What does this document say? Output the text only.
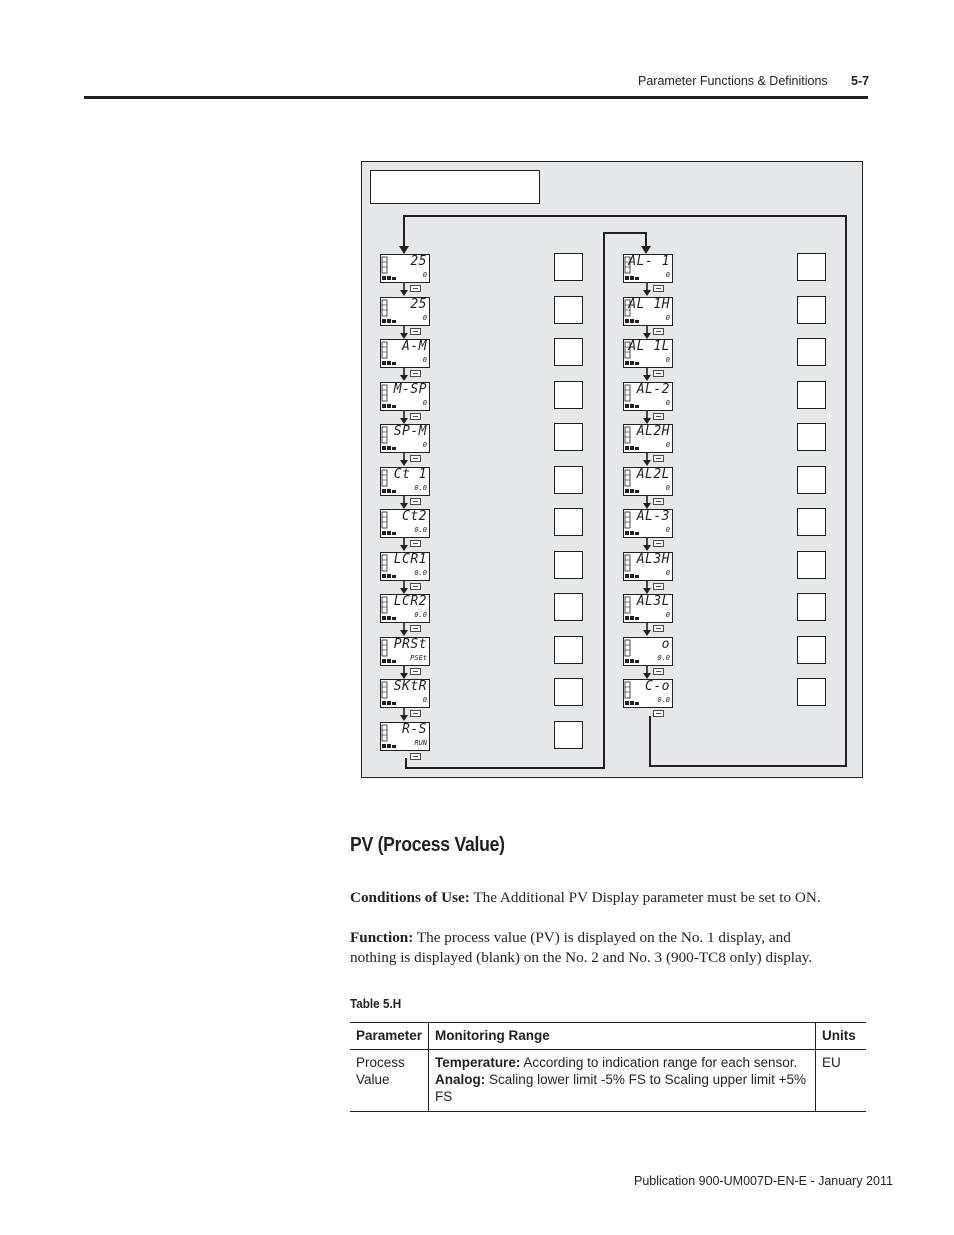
Parameter Functions & Definitions 5-7
PV (Process Value)
Conditions of Use: The Additional PV Display parameter must be set to ON.
Function: The process value (PV) is displayed on the No. 1 display, and
nothing is displayed (blank) on the No. 2 and No. 3 (900-TC8 only) display.
Table 5.H
Parameter	Monitoring Range	Units
Process
Value	Temperature: According to indication range for each sensor.
Analog: Scaling lower limit -5% FS to Scaling upper limit +5% FS	EU
Publication 900-UM007D-EN-E - January 2011
25
0
25
0
A-M
0
M-SP
0
SP-M
0
Ct 1
0.0
Ct2
0.0
LCR1
0.0
LCR2
0.0
PRSt
PSEt
SKtR
0
R-S
RUN
AL- 1
0
AL 1H
0
AL 1L
0
AL-2
0
AL2H
0
AL2L
0
AL-3
0
AL3H
0
AL3L
0
o
0.0
C-o
0.0
